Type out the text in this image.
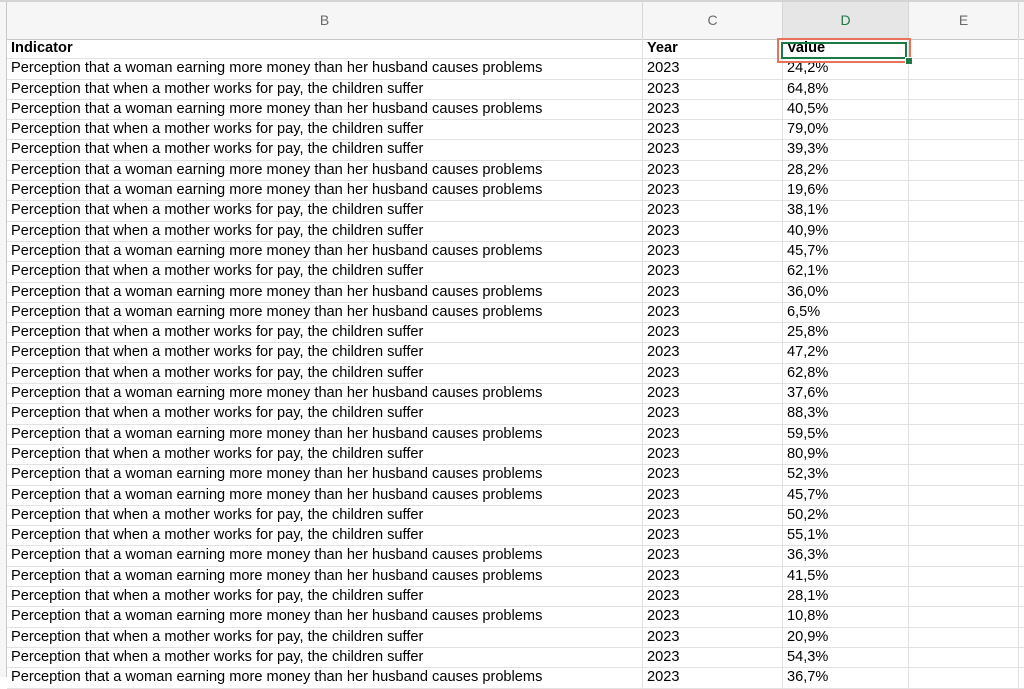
B	C	D	E
Indicator	Year	Value
Perception that a woman earning more money than her husband causes problems	2023	24,2%
Perception that when a mother works for pay, the children suffer	2023	64,8%
Perception that a woman earning more money than her husband causes problems	2023	40,5%
Perception that when a mother works for pay, the children suffer	2023	79,0%
Perception that when a mother works for pay, the children suffer	2023	39,3%
Perception that a woman earning more money than her husband causes problems	2023	28,2%
Perception that a woman earning more money than her husband causes problems	2023	19,6%
Perception that when a mother works for pay, the children suffer	2023	38,1%
Perception that when a mother works for pay, the children suffer	2023	40,9%
Perception that a woman earning more money than her husband causes problems	2023	45,7%
Perception that when a mother works for pay, the children suffer	2023	62,1%
Perception that a woman earning more money than her husband causes problems	2023	36,0%
Perception that a woman earning more money than her husband causes problems	2023	6,5%
Perception that when a mother works for pay, the children suffer	2023	25,8%
Perception that when a mother works for pay, the children suffer	2023	47,2%
Perception that when a mother works for pay, the children suffer	2023	62,8%
Perception that a woman earning more money than her husband causes problems	2023	37,6%
Perception that when a mother works for pay, the children suffer	2023	88,3%
Perception that a woman earning more money than her husband causes problems	2023	59,5%
Perception that when a mother works for pay, the children suffer	2023	80,9%
Perception that a woman earning more money than her husband causes problems	2023	52,3%
Perception that a woman earning more money than her husband causes problems	2023	45,7%
Perception that when a mother works for pay, the children suffer	2023	50,2%
Perception that when a mother works for pay, the children suffer	2023	55,1%
Perception that a woman earning more money than her husband causes problems	2023	36,3%
Perception that a woman earning more money than her husband causes problems	2023	41,5%
Perception that when a mother works for pay, the children suffer	2023	28,1%
Perception that a woman earning more money than her husband causes problems	2023	10,8%
Perception that when a mother works for pay, the children suffer	2023	20,9%
Perception that when a mother works for pay, the children suffer	2023	54,3%
Perception that a woman earning more money than her husband causes problems	2023	36,7%
